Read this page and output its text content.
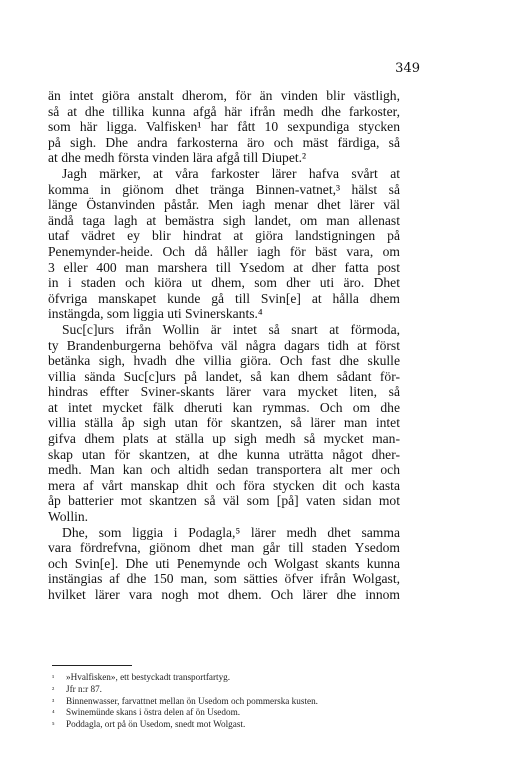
349
än intet giöra anstalt dherom, för än vinden blir västligh,
så at dhe tillika kunna afgå här ifrån medh dhe farkoster,
som här ligga. Valfisken¹ har fått 10 sexpundiga stycken
på sigh. Dhe andra farkosterna äro och mäst färdiga, så
at dhe medh första vinden lära afgå till Diupet.²
Jagh märker, at våra farkoster lärer hafva svårt at
komma in giönom dhet tränga Binnen-vatnet,³ hälst så
länge Östanvinden påstår. Men iagh menar dhet lärer väl
ändå taga lagh at bemästra sigh landet, om man allenast
utaf vädret ey blir hindrat at giöra landstigningen på
Penemynder-heide. Och då håller iagh för bäst vara, om
3 eller 400 man marshera till Ysedom at dher fatta post
in i staden och kiöra ut dhem, som dher uti äro. Dhet
öfvriga manskapet kunde gå till Svin[e] at hålla dhem
instängda, som liggia uti Svinerskants.⁴
Suc[c]urs ifrån Wollin är intet så snart at förmoda,
ty Brandenburgerna behöfva väl några dagars tidh at först
betänka sigh, hvadh dhe villia giöra. Och fast dhe skulle
villia sända Suc[c]urs på landet, så kan dhem sådant för-
hindras effter Sviner-skants lärer vara mycket liten, så
at intet mycket fälk dheruti kan rymmas. Och om dhe
villia ställa åp sigh utan för skantzen, så lärer man intet
gifva dhem plats at ställa up sigh medh så mycket man-
skap utan för skantzen, at dhe kunna uträtta något dher-
medh. Man kan och altidh sedan transportera alt mer och
mera af vårt manskap dhit och föra stycken dit och kasta
åp batterier mot skantzen så väl som [på] vaten sidan mot
Wollin.
Dhe, som liggia i Podagla,⁵ lärer medh dhet samma
vara fördrefvna, giönom dhet man går till staden Ysedom
och Svin[e]. Dhe uti Penemynde och Wolgast skants kunna
instängias af dhe 150 man, som sätties öfver ifrån Wolgast,
hvilket lärer vara nogh mot dhem. Och lärer dhe innom
¹ »Hvalfisken», ett bestyckadt transportfartyg.
² Jfr n:r 87.
³ Binnenwasser, farvattnet mellan ön Usedom och pommerska kusten.
⁴ Swinemünde skans i östra delen af ön Usedom.
⁵ Poddagla, ort på ön Usedom, snedt mot Wolgast.
